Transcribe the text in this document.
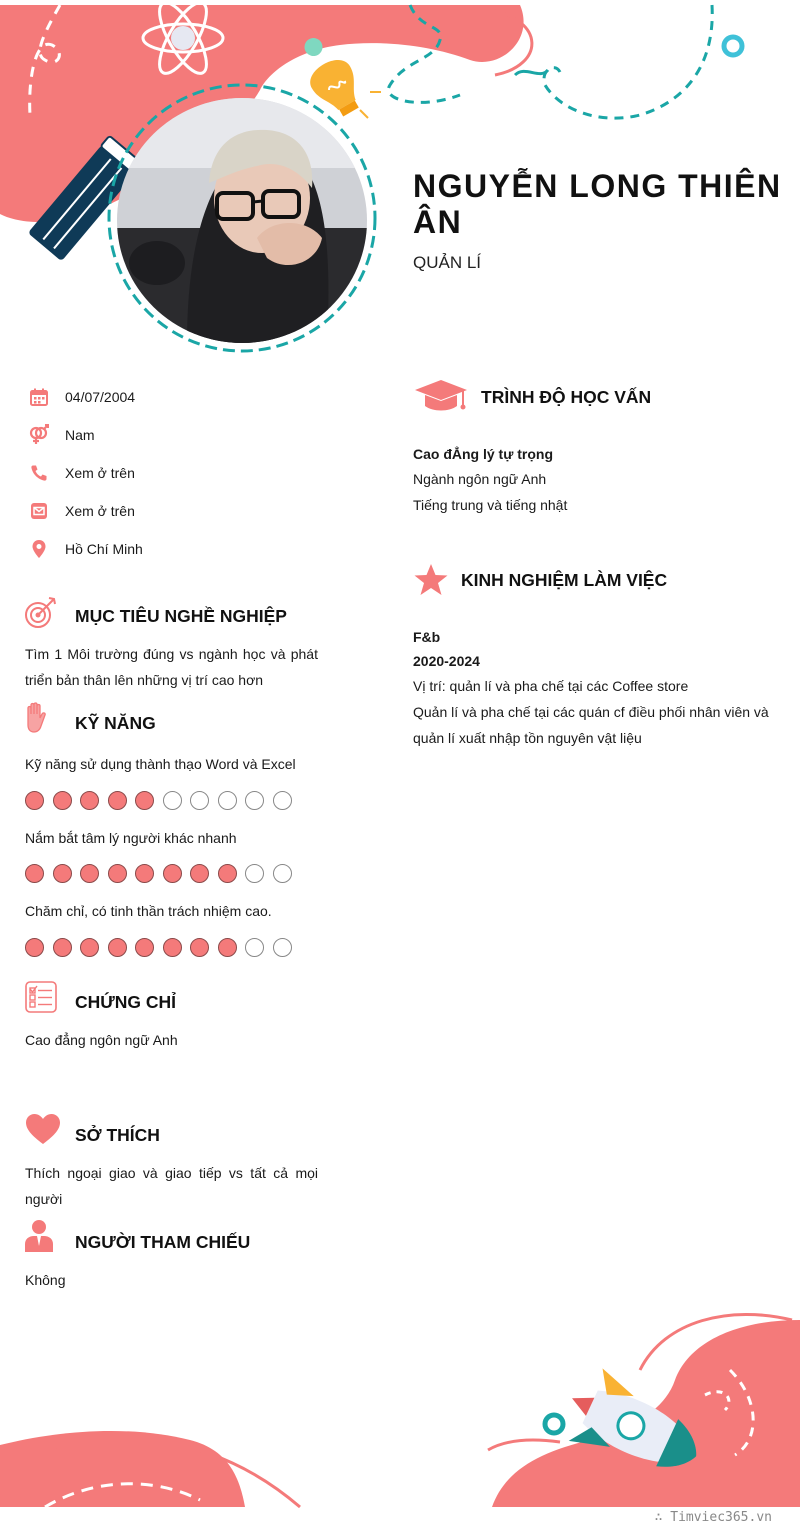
NGUYỄN LONG THIÊN ÂN
QUẢN LÍ
04/07/2004
Nam
Xem ở trên
Xem ở trên
Hồ Chí Minh
MỤC TIÊU NGHỀ NGHIỆP
Tìm 1 Môi trường đúng vs ngành học và phát triển bản thân lên những vị trí cao hơn
KỸ NĂNG
Kỹ năng sử dụng thành thạo Word và Excel
Nắm bắt tâm lý người khác nhanh
Chăm chỉ, có tinh thần trách nhiệm cao.
CHỨNG CHỈ
Cao đẳng ngôn ngữ Anh
SỞ THÍCH
Thích ngoại giao và giao tiếp vs tất cả mọi người
NGƯỜI THAM CHIẾU
Không
TRÌNH ĐỘ HỌC VẤN
Cao đẲng lý tự trọng
Ngành ngôn ngữ Anh
Tiếng trung và tiếng nhật
KINH NGHIỆM LÀM VIỆC
F&b
2020-2024
Vị trí: quản lí và pha chế tại các Coffee store
Quản lí và pha chế tại các quán cf điều phối nhân viên và quản lí xuất nhập tồn nguyên vật liệu
∴ Timviec365.vn
